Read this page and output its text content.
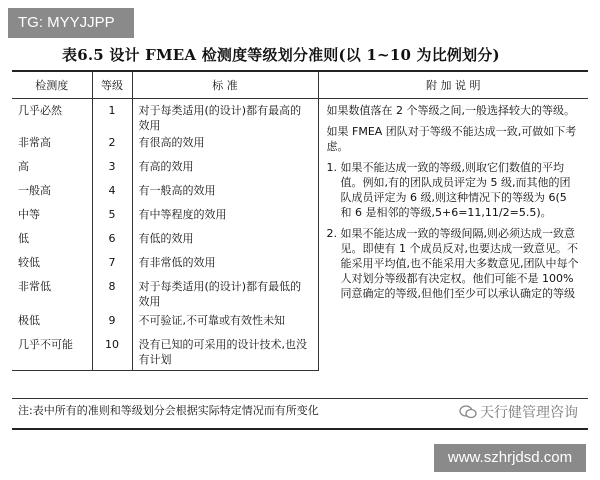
TG: MYYJJPP
表6.5 设计 FMEA 检测度等级划分准则(以 1~10 为比例划分)
检测度	等级	标 准	附 加 说 明
几乎必然	1	对于每类适用(的设计)都有最高的效用	如果数值落在 2 个等级之间,一般选择较大的等级。

如果 FMEA 团队对于等级不能达成一致,可做如下考虑。

1. 如果不能达成一致的等级,则取它们数值的平均值。例如,有的团队成员评定为 5 级,而其他的团队成员评定为 6 级,则这种情况下的等级为 6(5 和 6 是相邻的等级,5+6=11,11/2=5.5)。

2. 如果不能达成一致的等级间隔,则必须达成一致意见。即使有 1 个成员反对,也要达成一致意见。不能采用平均值,也不能采用大多数意见,团队中每个人对划分等级都有决定权。他们可能不是 100% 同意确定的等级,但他们至少可以承认确定的等级

非常高	2	有很高的效用	
高	3	有高的效用	
一般高	4	有一般高的效用	
中等	5	有中等程度的效用	
低	6	有低的效用	
较低	7	有非常低的效用	
非常低	8	对于每类适用(的设计)都有最低的效用	
极低	9	不可验证,不可靠或有效性未知	
几乎不可能	10	没有已知的可采用的设计技术,也没有计划	
注:表中所有的准则和等级划分会根据实际特定情况而有所变化	天行健管理咨询
www.szhrjdsd.com
